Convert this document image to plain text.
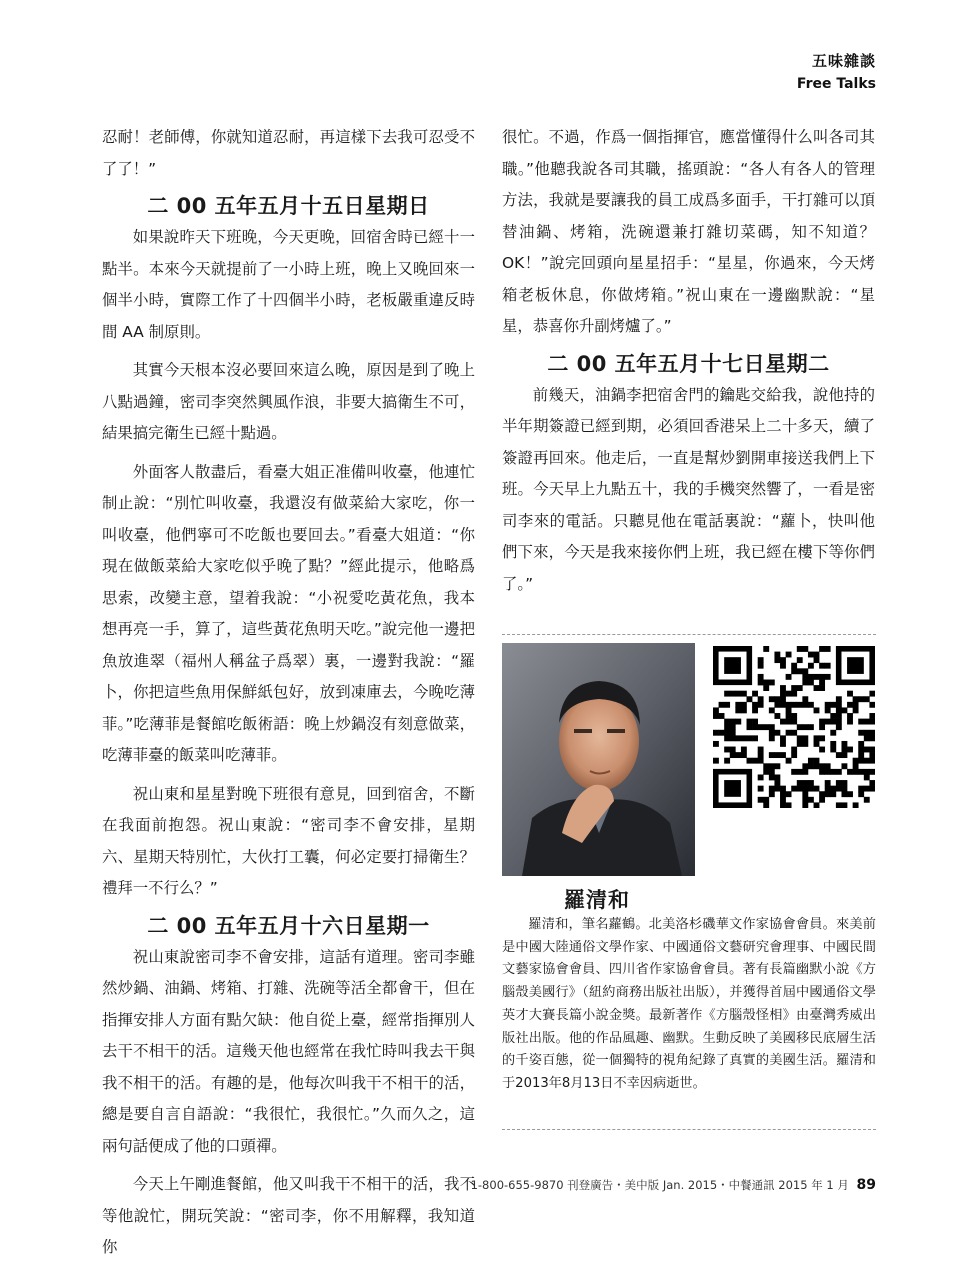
五味雜談
Free Talks

忍耐！老師傅，你就知道忍耐，再這樣下去我可忍受不了了！”

二 00 五年五月十五日星期日

如果說昨天下班晚，今天更晚，回宿舍時已經十一點半。本來今天就提前了一小時上班，晚上又晚回來一個半小時，實際工作了十四個半小時，老板嚴重違反時間 AA 制原則。

其實今天根本沒必要回來這么晚，原因是到了晚上八點過鐘，密司李突然興風作浪，非要大搞衛生不可，結果搞完衛生已經十點過。

外面客人散盡后，看臺大姐正准備叫收臺，他連忙制止說：“別忙叫收臺，我還沒有做菜給大家吃，你一叫收臺，他們寧可不吃飯也要回去。”看臺大姐道：“你現在做飯菜給大家吃似乎晚了點？”經此提示，他略爲思索，改變主意，望着我說：“小祝愛吃黃花魚，我本想再亮一手，算了，這些黃花魚明天吃。”說完他一邊把魚放進翠（福州人稱盆子爲翠）裏，一邊對我說：“羅卜，你把這些魚用保鮮紙包好，放到凍庫去，今晚吃薄菲。”吃薄菲是餐館吃飯術語：晚上炒鍋沒有刻意做菜，吃薄菲臺的飯菜叫吃薄菲。

祝山東和星星對晚下班很有意見，回到宿舍，不斷在我面前抱怨。祝山東說：“密司李不會安排，星期六、星期天特別忙，大伙打工囊，何必定要打掃衛生？禮拜一不行么？”

二 00 五年五月十六日星期一

祝山東說密司李不會安排，這話有道理。密司李雖然炒鍋、油鍋、烤箱、打雜、洗碗等活全都會干，但在指揮安排人方面有點欠缺：他自從上臺，經常指揮別人去干不相干的活。這幾天他也經常在我忙時叫我去干與我不相干的活。有趣的是，他每次叫我干不相干的活，總是要自言自語說：“我很忙，我很忙。”久而久之，這兩句話便成了他的口頭禪。

今天上午剛進餐館，他又叫我干不相干的活，我不等他說忙，開玩笑說：“密司李，你不用解釋，我知道你

很忙。不過，作爲一個指揮官，應當懂得什么叫各司其職。”他聽我說各司其職，搖頭說：“各人有各人的管理方法，我就是要讓我的員工成爲多面手，干打雜可以頂替油鍋、烤箱，洗碗還兼打雜切菜碼，知不知道？OK！”說完回頭向星星招手：“星星，你過來，今天烤箱老板休息，你做烤箱。”祝山東在一邊幽默說：“星星，恭喜你升副烤爐了。”

二 00 五年五月十七日星期二

前幾天，油鍋李把宿舍門的鑰匙交給我，說他持的半年期簽證已經到期，必須回香港呆上二十多天，續了簽證再回來。他走后，一直是幫炒劉開車接送我們上下班。今天早上九點五十，我的手機突然響了，一看是密司李來的電話。只聽見他在電話裏說：“蘿卜，快叫他們下來，今天是我來接你們上班，我已經在樓下等你們了。”

羅清和
羅清和，筆名蘿鶴。北美洛杉磯華文作家協會會員。來美前是中國大陸通俗文學作家、中國通俗文藝研究會理事、中國民間文藝家協會會員、四川省作家協會會員。著有長篇幽默小說《方腦殼美國行》（紐約商務出版社出版），并獲得首屆中國通俗文學英才大賽長篇小說金獎。最新著作《方腦殼怪相》由臺灣秀威出版社出版。他的作品風趣、幽默。生動反映了美國移民底層生活的千姿百態，從一個獨特的視角紀錄了真實的美國生活。羅清和于2013年8月13日不幸因病逝世。
1-800-655-9870 刊登廣告・美中版 Jan. 2015・中餐通訊 2015 年 1 月 89
